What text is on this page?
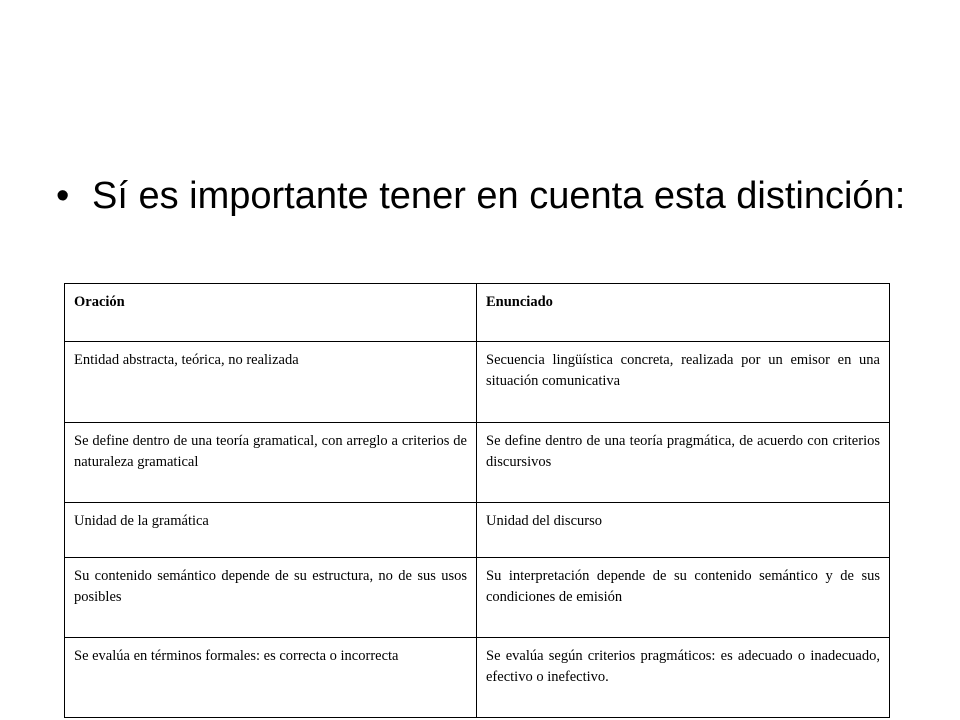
• Sí es importante tener en cuenta esta distinción:
Oración	Enunciado
Entidad abstracta, teórica, no realizada	Secuencia lingüística concreta, realizada por un emisor en una situación comunicativa
Se define dentro de una teoría gramatical, con arreglo a criterios de naturaleza gramatical	Se define dentro de una teoría pragmática, de acuerdo con criterios discursivos
Unidad de la gramática	Unidad del discurso
Su contenido semántico depende de su estructura, no de sus usos posibles	Su interpretación depende de su contenido semántico y de sus condiciones de emisión
Se evalúa en términos formales: es correcta o incorrecta	Se evalúa según criterios pragmáticos: es adecuado o inadecuado, efectivo o inefectivo.
